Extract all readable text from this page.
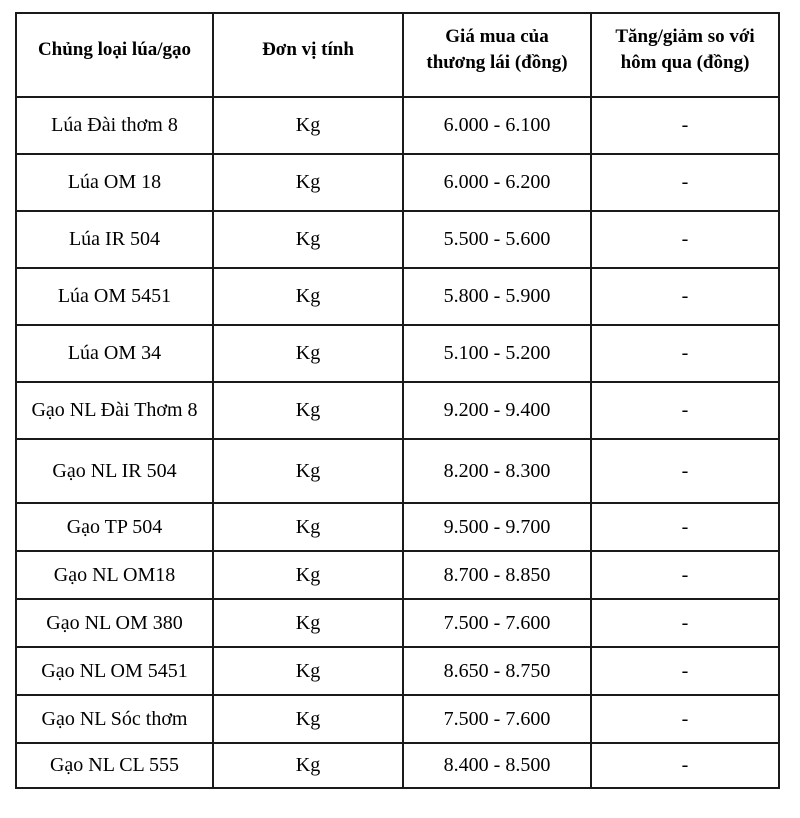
Chủng loại lúa/gạo	Đơn vị tính	Giá mua của thương lái (đồng)	Tăng/giảm so với hôm qua (đồng)
Lúa Đài thơm 8	Kg	6.000 - 6.100	-
Lúa OM 18	Kg	6.000 - 6.200	-
Lúa IR 504	Kg	5.500 - 5.600	-
Lúa OM 5451	Kg	5.800 - 5.900	-
Lúa OM 34	Kg	5.100 - 5.200	-
Gạo NL Đài Thơm 8	Kg	9.200 - 9.400	-
Gạo NL IR 504	Kg	8.200 - 8.300	-
Gạo TP 504	Kg	9.500 - 9.700	-
Gạo NL OM18	Kg	8.700 - 8.850	-
Gạo NL OM 380	Kg	7.500 - 7.600	-
Gạo NL OM 5451	Kg	8.650 - 8.750	-
Gạo NL Sóc thơm	Kg	7.500 - 7.600	-
Gạo NL CL 555	Kg	8.400 - 8.500	-
